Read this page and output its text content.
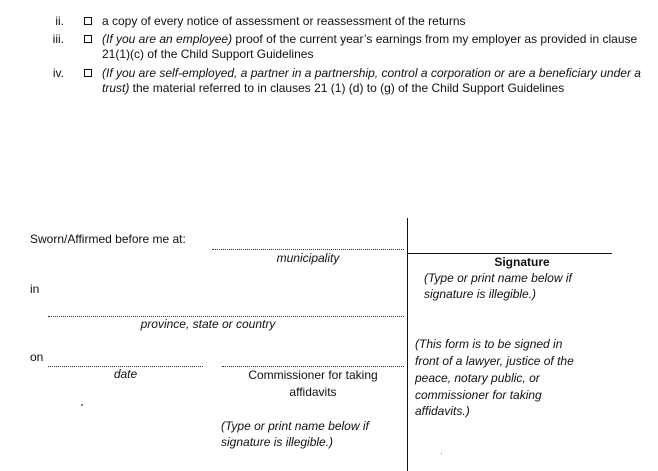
ii.	a copy of every notice of assessment or reassessment of the returns
iii.	(If you are an employee) proof of the current year’s earnings from my employer as provided in clause 21(1)(c) of the Child Support Guidelines
iv.	(If you are self-employed, a partner in a partnership, control a corporation or are a beneficiary under a trust) the material referred to in clauses 21 (1) (d) to (g) of the Child Support Guidelines
Sworn/Affirmed before me at:
municipality
in
province, state or country
on
date	Commissioner for taking
affidavits
(Type or print name below if
signature is illegible.)
Signature
(Type or print name below if
signature is illegible.)
(This form is to be signed in
front of a lawyer, justice of the
peace, notary public, or
commissioner for taking
affidavits.)
